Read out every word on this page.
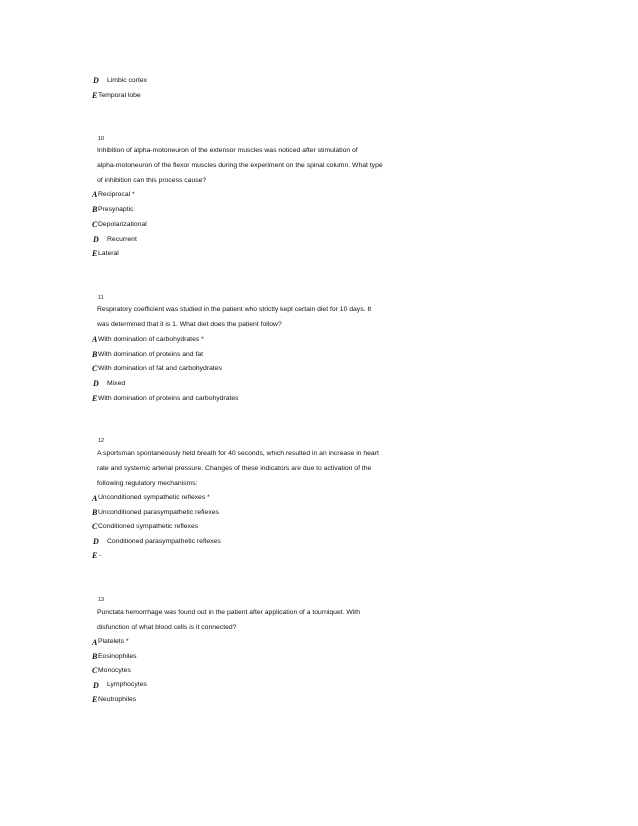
D Limbic cortex
E Temporal lobe
10
Inhibition of alpha-motoneuron of the extensor muscles was noticed after stimulation of
alpha-motoneuron of the flexor muscles during the experiment on the spinal column. What type
of inhibition can this process cause?
A Reciprocal *
B Presynaptic
C Depolarizational
D Recurrent
E Lateral
11
Respiratory coefficient was studied in the patient who strictly kept certain diet for 10 days. It
was determined that it is 1. What diet does the patient follow?
A With domination of carbohydrates *
B With domination of proteins and fat
C With domination of fat and carbohydrates
D Mixed
E With domination of proteins and carbohydrates
12
A sportsman spontaneously held breath for 40 seconds, which resulted in an increase in heart
rate and systemic arterial pressure. Changes of these indicators are due to activation of the
following regulatory mechanisms:
A Unconditioned sympathetic reflexes *
B Unconditioned parasympathetic reflexes
C Conditioned sympathetic reflexes
D Conditioned parasympathetic reflexes
E -
13
Punctata hemorrhage was found out in the patient after application of a tourniquet. With
disfunction of what blood cells is it connected?
A Platelets *
B Eosinophiles
C Monocytes
D Lymphocytes
E Neutrophiles
